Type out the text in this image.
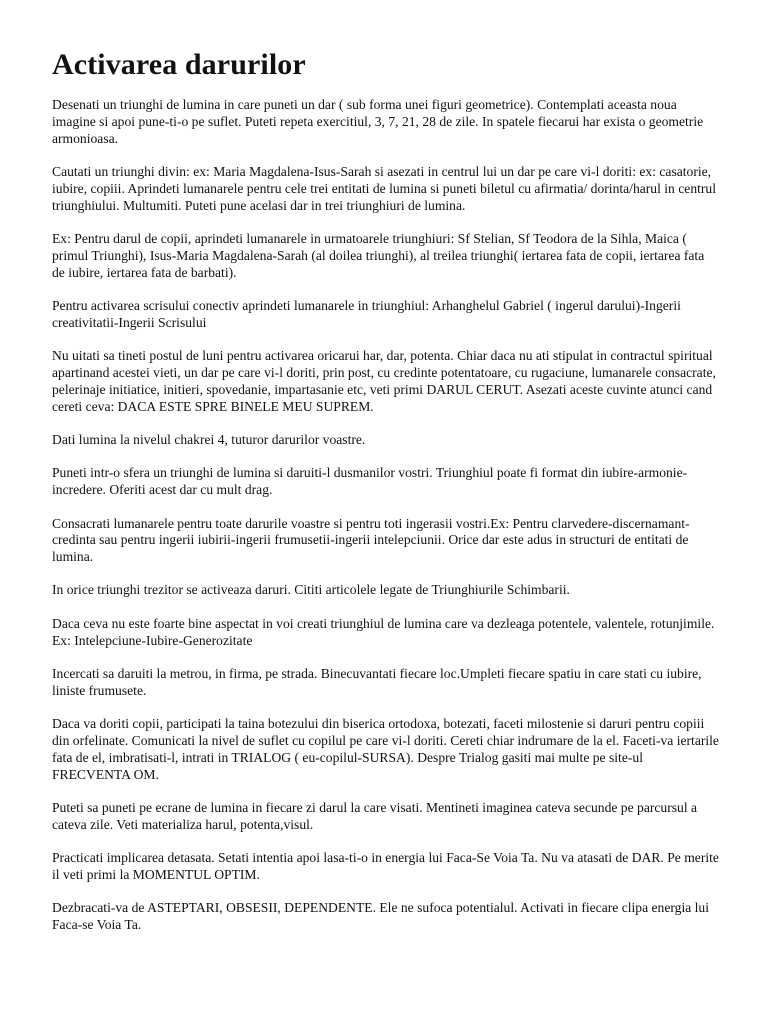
Activarea darurilor

Desenati un triunghi de lumina in care puneti un dar ( sub forma unei figuri geometrice). Contemplati aceasta noua imagine si apoi pune-ti-o pe suflet. Puteti repeta exercitiul, 3, 7, 21, 28 de zile. In spatele fiecarui har exista o geometrie armonioasa.

Cautati un triunghi divin: ex: Maria Magdalena-Isus-Sarah si asezati in centrul lui un dar pe care vi-l doriti: ex: casatorie, iubire, copiii. Aprindeti lumanarele pentru cele trei entitati de lumina si puneti biletul cu afirmatia/ dorinta/harul in centrul triunghiului. Multumiti. Puteti pune acelasi dar in trei triunghiuri de lumina.

Ex: Pentru darul de copii, aprindeti lumanarele in urmatoarele triunghiuri: Sf Stelian, Sf Teodora de la Sihla, Maica ( primul Triunghi), Isus-Maria Magdalena-Sarah (al doilea triunghi), al treilea triunghi( iertarea fata de copii, iertarea fata de iubire, iertarea fata de barbati).

Pentru activarea scrisului conectiv aprindeti lumanarele in triunghiul: Arhanghelul Gabriel ( ingerul darului)-Ingerii creativitatii-Ingerii Scrisului

Nu uitati sa tineti postul de luni pentru activarea oricarui har, dar, potenta. Chiar daca nu ati stipulat in contractul spiritual apartinand acestei vieti, un dar pe care vi-l doriti, prin post, cu credinte potentatoare, cu rugaciune, lumanarele consacrate, pelerinaje initiatice, initieri, spovedanie, impartasanie etc, veti primi DARUL CERUT. Asezati aceste cuvinte atunci cand cereti ceva: DACA ESTE SPRE BINELE MEU SUPREM.

Dati lumina la nivelul chakrei 4, tuturor darurilor voastre.

Puneti intr-o sfera un triunghi de lumina si daruiti-l dusmanilor vostri. Triunghiul poate fi format din iubire-armonie-incredere. Oferiti acest dar cu mult drag.

Consacrati lumanarele pentru toate darurile voastre si pentru toti ingerasii vostri.Ex: Pentru clarvedere-discernamant-credinta sau pentru ingerii iubirii-ingerii frumusetii-ingerii intelepciunii. Orice dar este adus in structuri de entitati de lumina.

In orice triunghi trezitor se activeaza daruri. Cititi articolele legate de Triunghiurile Schimbarii.

Daca ceva nu este foarte bine aspectat in voi creati triunghiul de lumina care va dezleaga potentele, valentele, rotunjimile. Ex: Intelepciune-Iubire-Generozitate

Incercati sa daruiti la metrou, in firma, pe strada. Binecuvantati fiecare loc.Umpleti fiecare spatiu in care stati cu iubire, liniste frumusete.

Daca va doriti copii, participati la taina botezului din biserica ortodoxa, botezati, faceti milostenie si daruri pentru copiii din orfelinate. Comunicati la nivel de suflet cu copilul pe care vi-l doriti. Cereti chiar indrumare de la el. Faceti-va iertarile fata de el, imbratisati-l, intrati in TRIALOG ( eu-copilul-SURSA). Despre Trialog gasiti mai multe pe site-ul FRECVENTA OM.

Puteti sa puneti pe ecrane de lumina in fiecare zi darul la care visati. Mentineti imaginea cateva secunde pe parcursul a cateva zile. Veti materializa harul, potenta,visul.

Practicati implicarea detasata. Setati intentia apoi lasa-ti-o in energia lui Faca-Se Voia Ta. Nu va atasati de DAR. Pe merite il veti primi la MOMENTUL OPTIM.

Dezbracati-va de ASTEPTARI, OBSESII, DEPENDENTE. Ele ne sufoca potentialul. Activati in fiecare clipa energia lui Faca-se Voia Ta.
